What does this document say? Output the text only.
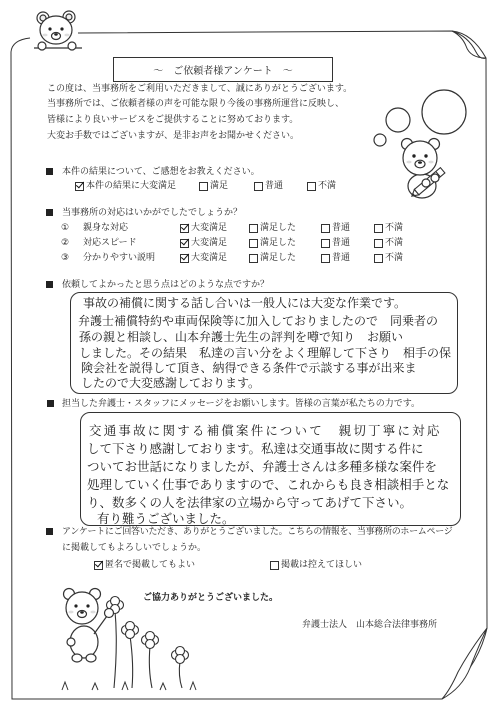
～　ご依頼者様アンケート　～
この度は、当事務所をご利用いただきまして、誠にありがとうございます。
当事務所では、ご依頼者様の声を可能な限り今後の事務所運営に反映し、
皆様により良いサービスをご提供することに努めております。
大変お手数ではございますが、是非お声をお聞かせください。
本件の結果について、ご感想をお教えください。
本件の結果に大変満足	満足	普通	不満
当事務所の対応はいかがでしたでしょうか？
① 親身な対応	大変満足	満足した	普通	不満
② 対応スピード	大変満足	満足した	普通	不満
③ 分かりやすい説明	大変満足	満足した	普通	不満
依頼してよかったと思う点はどのような点ですか？
事故の補償に関する話し合いは一般人には大変な作業です。
弁護士補償特約や車両保険等に加入しておりましたので　同乗者の
孫の親と相談し、山本弁護士先生の評判を噂で知り　お願い
しました。その結果　私達の言い分をよく理解して下さり　相手の保
険会社を説得して頂き、納得できる条件で示談する事が出来ま
したので大変感謝しております。
担当した弁護士・スタッフにメッセージをお願いします。皆様の言葉が私たちの力です。
交通事故に関する補償案件について　親切丁寧に対応
して下さり感謝しております。私達は交通事故に関する件に
ついてお世話になりましたが、弁護士さんは多種多様な案件を
処理していく仕事でありますので、これからも良き相談相手とな
り、数多くの人を法律家の立場から守ってあげて下さい。
有り難うございました。
アンケートにご回答いただき、ありがとうございました。こちらの情報を、当事務所のホームページ
に掲載してもよろしいでしょうか。
匿名で掲載してもよい	掲載は控えてほしい
ご協力ありがとうございました。
弁護士法人　山本総合法律事務所
